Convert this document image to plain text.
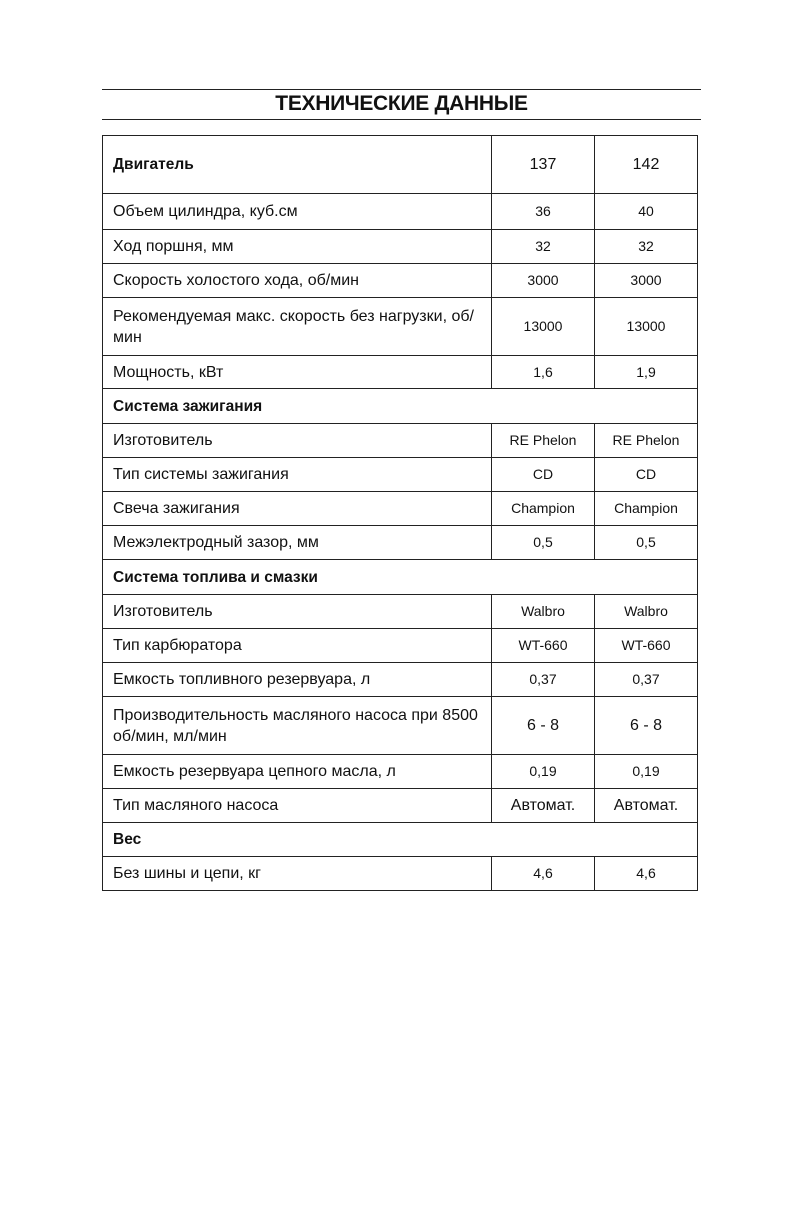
ТЕХНИЧЕСКИЕ ДАННЫЕ
Двигатель	137	142
Объем цилиндра, куб.см	36	40
Ход поршня, мм	32	32
Скорость холостого хода, об/мин	3000	3000
Рекомендуемая макс. скорость без нагрузки, об/мин	13000	13000
Мощность, кВт	1,6	1,9
Система зажигания		
Изготовитель	RE Phelon	RE Phelon
Тип системы зажигания	CD	CD
Свеча зажигания	Champion	Champion
Межэлектродный зазор, мм	0,5	0,5
Система топлива и смазки		
Изготовитель	Walbro	Walbro
Тип карбюратора	WT-660	WT-660
Емкость топливного резервуара, л	0,37	0,37
Производительность масляного насоса при 8500 об/мин, мл/мин	6 - 8	6 - 8
Емкость резервуара цепного масла, л	0,19	0,19
Тип масляного насоса	Автомат.	Автомат.
Вес		
Без шины и цепи, кг	4,6	4,6
